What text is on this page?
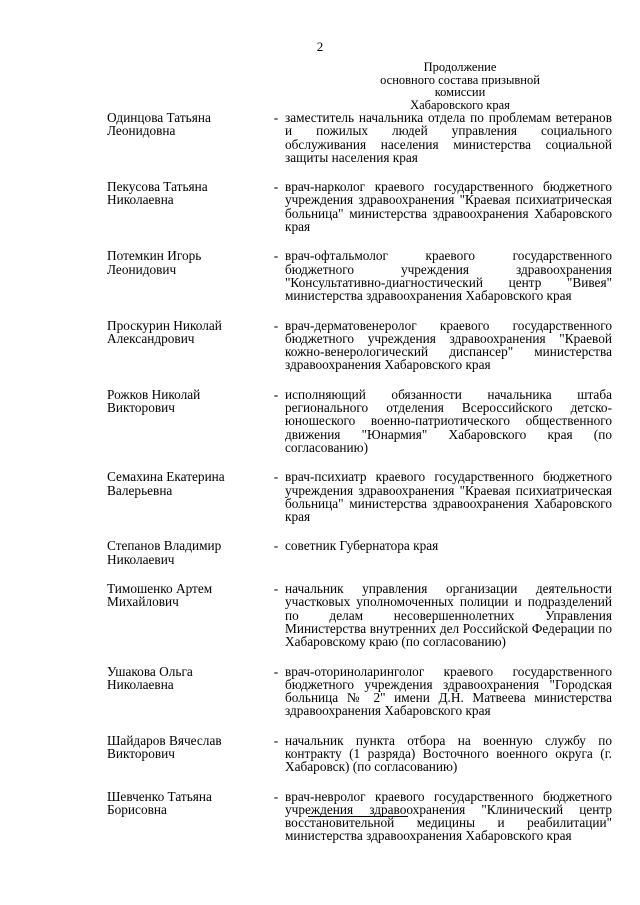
2
Продолжение
основного состава призывной комиссии
Хабаровского края
Одинцова Татьяна
Леонидовна
- заместитель начальника отдела по проблемам ветеранов и пожилых людей управления социального обслуживания населения министерства социальной защиты населения края
Пекусова Татьяна
Николаевна
- врач-нарколог краевого государственного бюджетного учреждения здравоохранения "Краевая психиатрическая больница" министерства здравоохранения Хабаровского края
Потемкин Игорь
Леонидович
- врач-офтальмолог краевого государственного бюджетного учреждения здравоохранения "Консультативно-диагностический центр "Вивея" министерства здравоохранения Хабаровского края
Проскурин Николай
Александрович
- врач-дерматовенеролог краевого государственного бюджетного учреждения здравоохранения "Краевой кожно-венерологический диспансер" министерства здравоохранения Хабаровского края
Рожков Николай
Викторович
- исполняющий обязанности начальника штаба регионального отделения Всероссийского детско-юношеского военно-патриотического общественного движения "Юнармия" Хабаровского края (по согласованию)
Семахина Екатерина
Валерьевна
- врач-психиатр краевого государственного бюджетного учреждения здравоохранения "Краевая психиатрическая больница" министерства здравоохранения Хабаровского края
Степанов Владимир
Николаевич
- советник Губернатора края
Тимошенко Артем
Михайлович
- начальник управления организации деятельности участковых уполномоченных полиции и подразделений по делам несовершеннолетних Управления Министерства внутренних дел Российской Федерации по Хабаровскому краю (по согласованию)
Ушакова Ольга
Николаевна
- врач-оториноларинголог краевого государственного бюджетного учреждения здравоохранения "Городская больница № 2" имени Д.Н. Матвеева министерства здравоохранения Хабаровского края
Шайдаров Вячеслав
Викторович
- начальник пункта отбора на военную службу по контракту (1 разряда) Восточного военного округа (г. Хабаровск) (по согласованию)
Шевченко Татьяна
Борисовна
- врач-невролог краевого государственного бюджетного учреждения здравоохранения "Клинический центр восстановительной медицины и реабилитации" министерства здравоохранения Хабаровского края
